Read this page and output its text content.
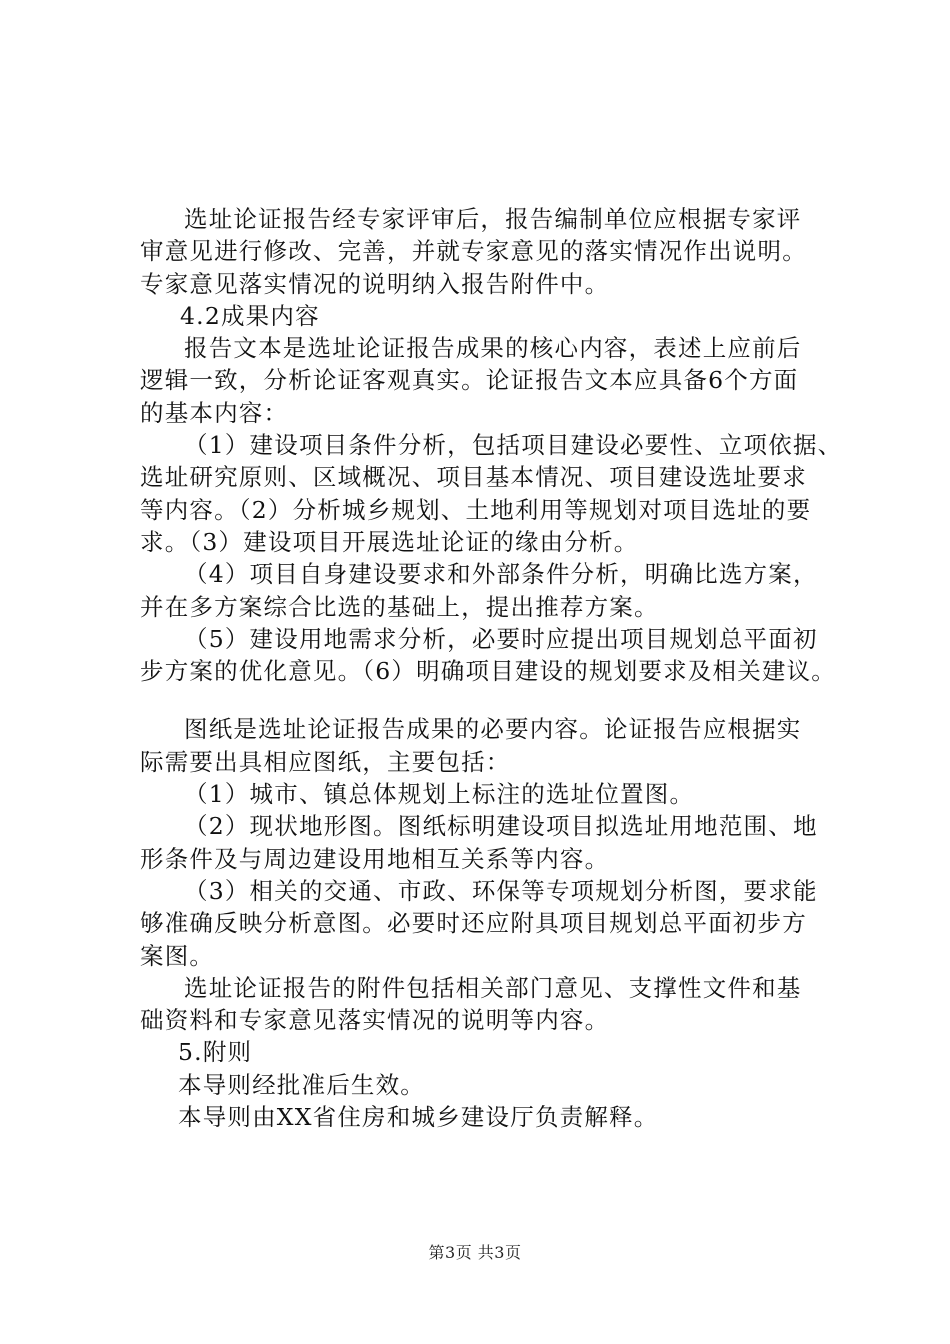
选址论证报告经专家评审后，报告编制单位应根据专家评
审意见进行修改、完善，并就专家意见的落实情况作出说明。
专家意见落实情况的说明纳入报告附件中。
4.2成果内容
报告文本是选址论证报告成果的核心内容，表述上应前后
逻辑一致，分析论证客观真实。论证报告文本应具备6个方面
的基本内容：
（1）建设项目条件分析，包括项目建设必要性、立项依据、
选址研究原则、区域概况、项目基本情况、项目建设选址要求
等内容。（2）分析城乡规划、土地利用等规划对项目选址的要
求。（3）建设项目开展选址论证的缘由分析。
（4）项目自身建设要求和外部条件分析，明确比选方案，
并在多方案综合比选的基础上，提出推荐方案。
（5）建设用地需求分析，必要时应提出项目规划总平面初
步方案的优化意见。（6）明确项目建设的规划要求及相关建议。
图纸是选址论证报告成果的必要内容。论证报告应根据实
际需要出具相应图纸，主要包括：
（1）城市、镇总体规划上标注的选址位置图。
（2）现状地形图。图纸标明建设项目拟选址用地范围、地
形条件及与周边建设用地相互关系等内容。
（3）相关的交通、市政、环保等专项规划分析图，要求能
够准确反映分析意图。必要时还应附具项目规划总平面初步方
案图。
选址论证报告的附件包括相关部门意见、支撑性文件和基
础资料和专家意见落实情况的说明等内容。
5.附则
本导则经批准后生效。
本导则由XX省住房和城乡建设厅负责解释。
第3页 共3页
